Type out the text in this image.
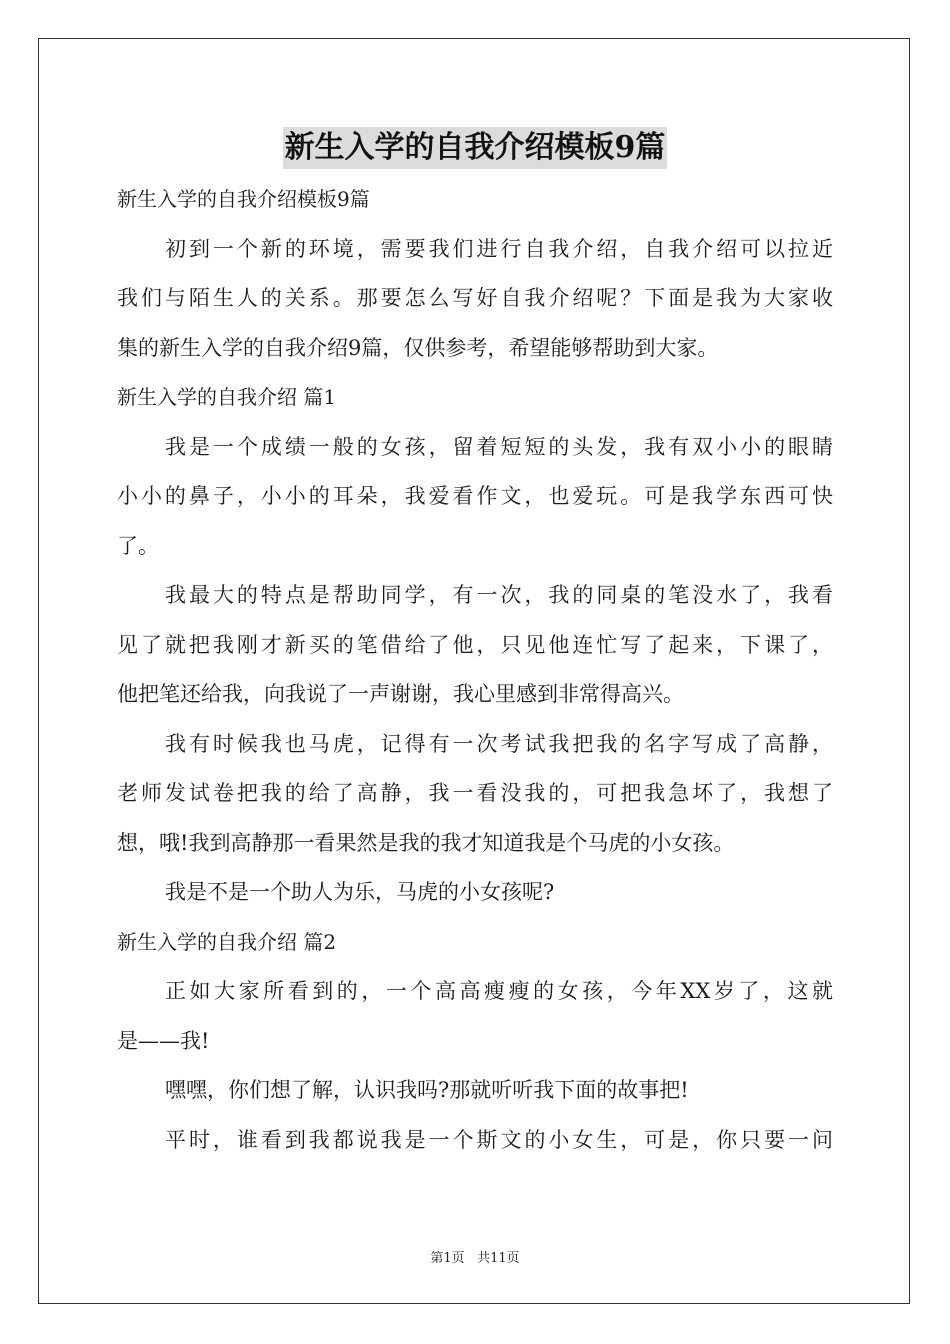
新生入学的自我介绍模板9篇
新生入学的自我介绍模板9篇
初到一个新的环境，需要我们进行自我介绍，自我介绍可以拉近
我们与陌生人的关系。那要怎么写好自我介绍呢？下面是我为大家收
集的新生入学的自我介绍9篇，仅供参考，希望能够帮助到大家。
新生入学的自我介绍 篇1
我是一个成绩一般的女孩，留着短短的头发，我有双小小的眼睛
小小的鼻子，小小的耳朵，我爱看作文，也爱玩。可是我学东西可快
了。
我最大的特点是帮助同学，有一次，我的同桌的笔没水了，我看
见了就把我刚才新买的笔借给了他，只见他连忙写了起来，下课了，
他把笔还给我，向我说了一声谢谢，我心里感到非常得高兴。
我有时候我也马虎，记得有一次考试我把我的名字写成了高静，
老师发试卷把我的给了高静，我一看没我的，可把我急坏了，我想了
想，哦!我到高静那一看果然是我的我才知道我是个马虎的小女孩。
我是不是一个助人为乐，马虎的小女孩呢?
新生入学的自我介绍 篇2
正如大家所看到的，一个高高瘦瘦的女孩，今年XX岁了，这就
是——我!
嘿嘿，你们想了解，认识我吗?那就听听我下面的故事把!
平时，谁看到我都说我是一个斯文的小女生，可是，你只要一问
第1页 共11页
